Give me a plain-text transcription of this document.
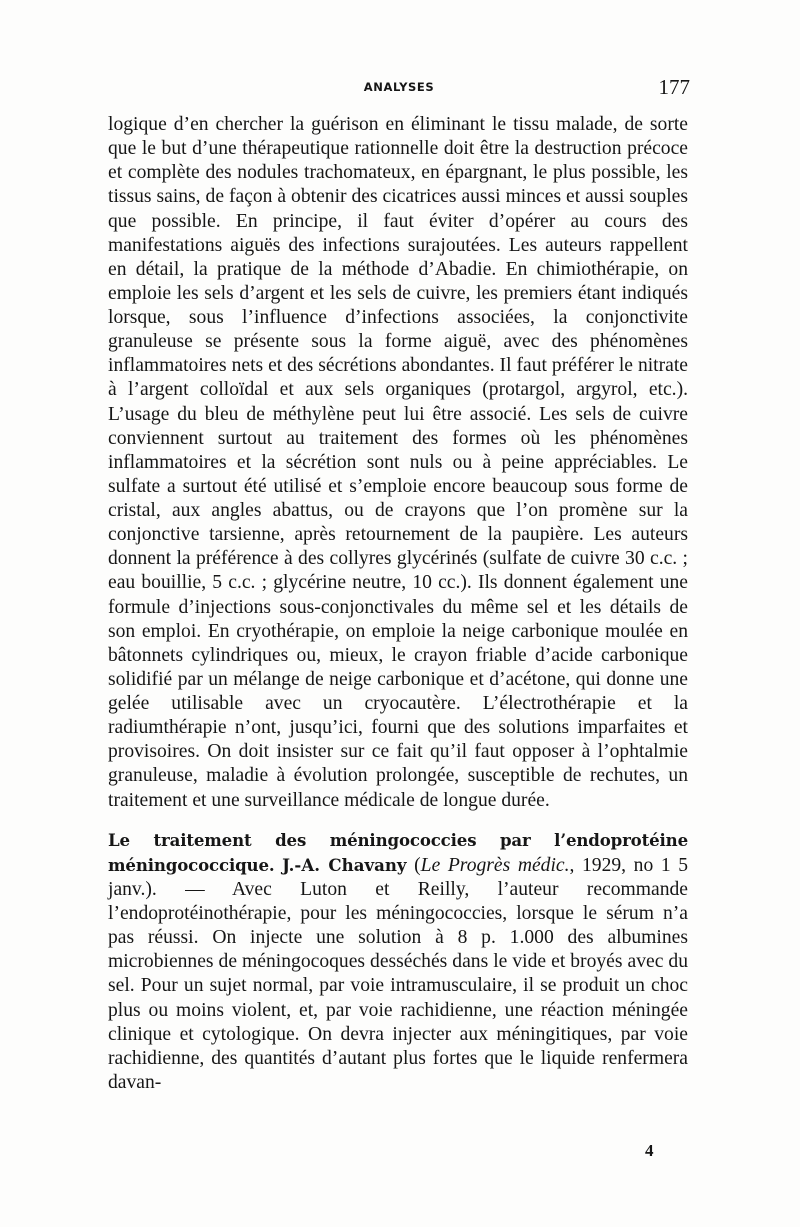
ANALYSES	177

logique d’en chercher la guérison en éliminant le tissu malade, de sorte que le but d’une thérapeutique rationnelle doit être la destruction précoce et complète des nodules trachomateux, en épargnant, le plus possible, les tissus sains, de façon à obtenir des cicatrices aussi minces et aussi souples que possible. En principe, il faut éviter d’opérer au cours des manifestations aiguës des infections surajoutées. Les auteurs rappellent en détail, la pratique de la méthode d’Abadie. En chimiothérapie, on emploie les sels d’argent et les sels de cuivre, les premiers étant indiqués lorsque, sous l’influence d’infections associées, la conjonctivite granuleuse se présente sous la forme aiguë, avec des phénomènes inflammatoires nets et des sécrétions abondantes. Il faut préférer le nitrate à l’argent colloïdal et aux sels organiques (protargol, argyrol, etc.). L’usage du bleu de méthylène peut lui être associé. Les sels de cuivre conviennent surtout au traitement des formes où les phénomènes inflammatoires et la sécrétion sont nuls ou à peine appréciables. Le sulfate a surtout été utilisé et s’emploie encore beaucoup sous forme de cristal, aux angles abattus, ou de crayons que l’on promène sur la conjonctive tarsienne, après retournement de la paupière. Les auteurs donnent la préférence à des collyres glycérinés (sulfate de cuivre 30 c.c. ; eau bouillie, 5 c.c. ; glycérine neutre, 10 cc.). Ils donnent également une formule d’injections sous-conjonctivales du même sel et les détails de son emploi. En cryothérapie, on emploie la neige carbonique moulée en bâtonnets cylindriques ou, mieux, le crayon friable d’acide carbonique solidifié par un mélange de neige carbonique et d’acétone, qui donne une gelée utilisable avec un cryocautère. L’électrothérapie et la radiumthérapie n’ont, jusqu’ici, fourni que des solutions imparfaites et provisoires. On doit insister sur ce fait qu’il faut opposer à l’ophtalmie granuleuse, maladie à évolution prolongée, susceptible de rechutes, un traitement et une surveillance médicale de longue durée.

Le traitement des méningococcies par l’endoprotéine méningococcique. J.-A. Chavany (Le Progrès médic., 1929, no 1 5 janv.). — Avec Luton et Reilly, l’auteur recommande l’endoprotéinothérapie, pour les méningococcies, lorsque le sérum n’a pas réussi. On injecte une solution à 8 p. 1.000 des albumines microbiennes de méningocoques desséchés dans le vide et broyés avec du sel. Pour un sujet normal, par voie intramusculaire, il se produit un choc plus ou moins violent, et, par voie rachidienne, une réaction méningée clinique et cytologique. On devra injecter aux méningitiques, par voie rachidienne, des quantités d’autant plus fortes que le liquide renfermera davan-

4
